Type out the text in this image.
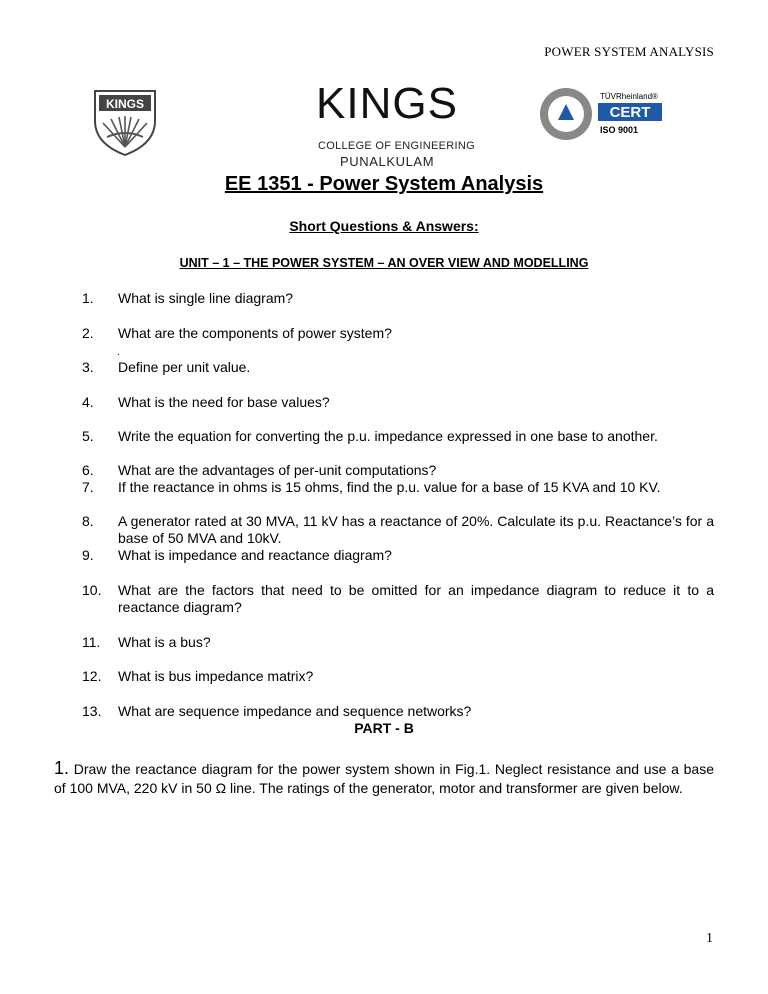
POWER SYSTEM ANALYSIS
KINGS	KINGS
COLLEGE OF ENGINEERING
PUNALKULAM
TÜVRheinland®
CERT
ISO 9001
EE 1351 - Power System Analysis
Short Questions & Answers:
UNIT – 1 – THE POWER SYSTEM – AN OVER VIEW AND MODELLING
1. What is single line diagram?
2. What are the components of power system?
.
3. Define per unit value.
4. What is the need for base values?
5. Write the equation for converting the p.u. impedance expressed in one base to another.
6. What are the advantages of per-unit computations?
7. If the reactance in ohms is 15 ohms, find the p.u. value for a base of 15 KVA and 10 KV.
8. A generator rated at 30 MVA, 11 kV has a reactance of 20%. Calculate its p.u. Reactance’s for a base of 50 MVA and 10kV.
9. What is impedance and reactance diagram?
10. What are the factors that need to be omitted for an impedance diagram to reduce it to a reactance diagram?
11. What is a bus?
12. What is bus impedance matrix?
13. What are sequence impedance and sequence networks?
PART - B
1. Draw the reactance diagram for the power system shown in Fig.1. Neglect resistance and use a base of 100 MVA, 220 kV in 50 Ω line. The ratings of the generator, motor and transformer are given below.
1
